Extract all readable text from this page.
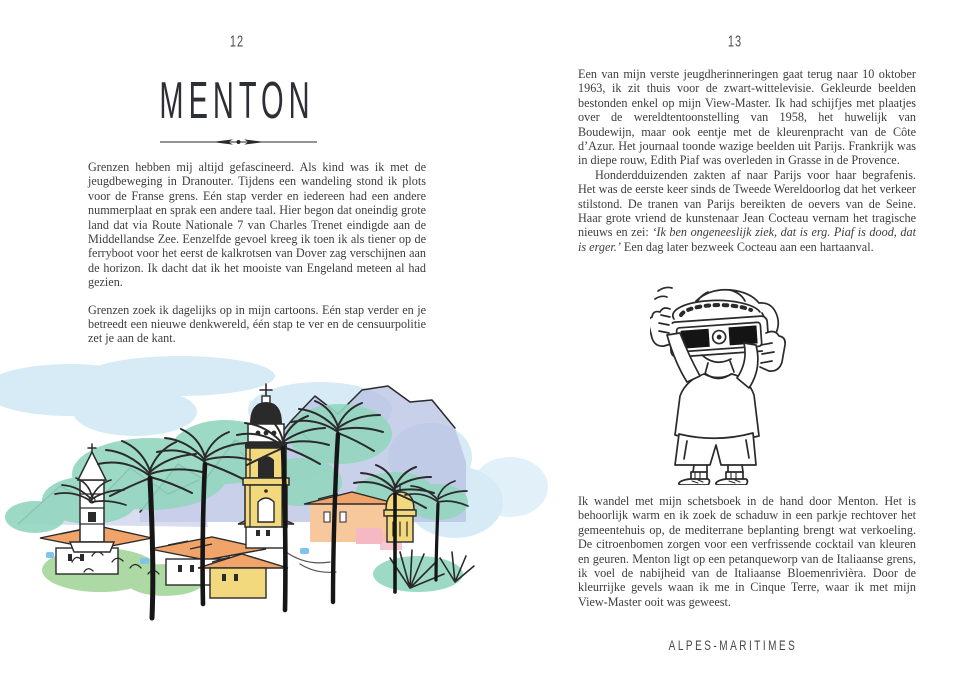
12
MENTON

Grenzen hebben mij altijd gefascineerd. Als kind was ik met de jeugdbeweging in Dranouter. Tijdens een wandeling stond ik plots voor de Franse grens. Eén stap verder en iedereen had een andere nummerplaat en sprak een andere taal. Hier begon dat oneindig grote land dat via Route Nationale 7 van Charles Trenet eindigde aan de Middellandse Zee. Eenzelfde gevoel kreeg ik toen ik als tiener op de ferryboot voor het eerst de kalkrotsen van Dover zag verschijnen aan de horizon. Ik dacht dat ik het mooiste van Engeland meteen al had gezien.

Grenzen zoek ik dagelijks op in mijn cartoons. Eén stap verder en je betreedt een nieuwe denkwereld, één stap te ver en de censuurpolitie zet je aan de kant.

13

Een van mijn verste jeugdherinneringen gaat terug naar 10 oktober 1963, ik zit thuis voor de zwart-wittelevisie. Gekleurde beelden bestonden enkel op mijn View-Master. Ik had schijfjes met plaatjes over de wereldtentoonstelling van 1958, het huwelijk van Boudewijn, maar ook eentje met de kleurenpracht van de Côte d’Azur. Het journaal toonde wazige beelden uit Parijs. Frankrijk was in diepe rouw, Edith Piaf was overleden in Grasse in de Provence.

Honderdduizenden zakten af naar Parijs voor haar begrafenis. Het was de eerste keer sinds de Tweede Wereldoorlog dat het verkeer stilstond. De tranen van Parijs bereikten de oevers van de Seine. Haar grote vriend de kunstenaar Jean Cocteau vernam het tragische nieuws en zei: ‘Ik ben ongeneeslijk ziek, dat is erg. Piaf is dood, dat is erger.’ Een dag later bezweek Cocteau aan een hartaanval.

Ik wandel met mijn schetsboek in de hand door Menton. Het is behoorlijk warm en ik zoek de schaduw in een parkje rechtover het gemeentehuis op, de mediterrane beplanting brengt wat verkoeling. De citroenbomen zorgen voor een verfrissende cocktail van kleuren en geuren. Menton ligt op een petanqueworp van de Italiaanse grens, ik voel de nabijheid van de Italiaanse Bloemenrivièra. Door de kleurrijke gevels waan ik me in Cinque Terre, waar ik met mijn View-Master ooit was geweest.

ALPES-MARITIMES
